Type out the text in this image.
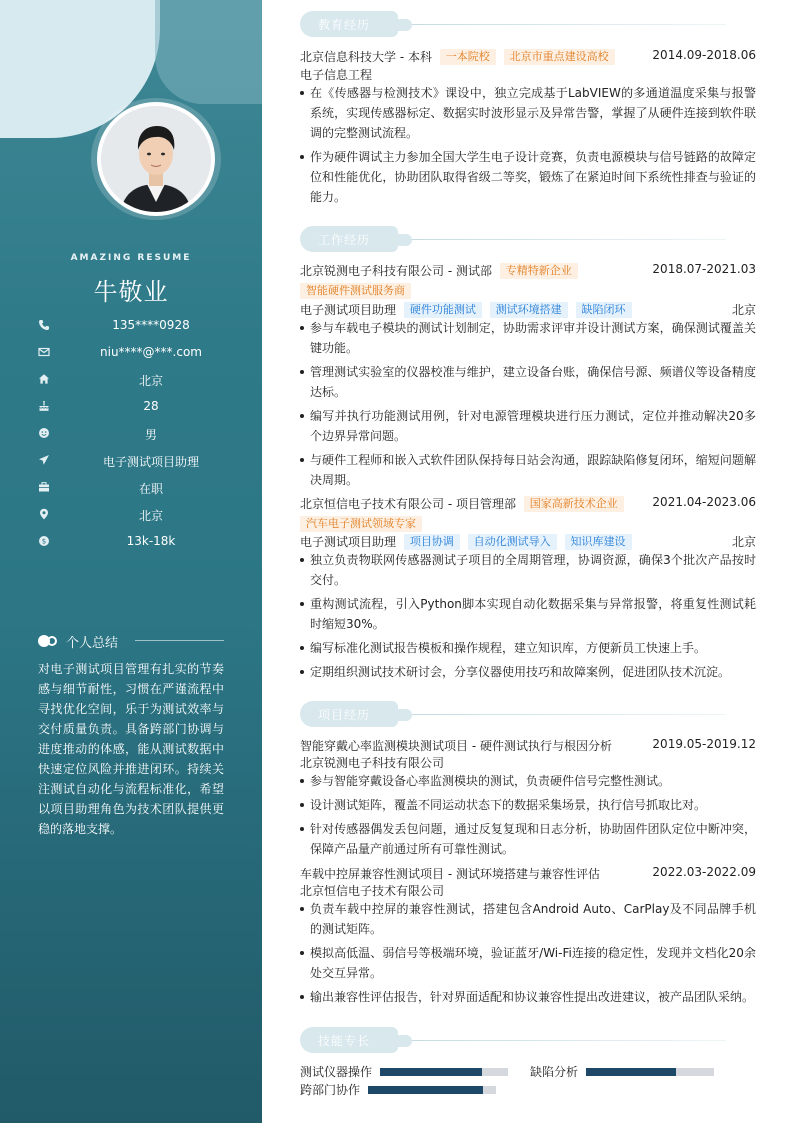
AMAZING RESUME
牛敬业
135****0928
niu****@***.com
北京
28
男
电子测试项目助理
在职
北京
$	13k-18k
个人总结
对电子测试项目管理有扎实的节奏感与细节耐性，习惯在严谨流程中寻找优化空间，乐于为测试效率与交付质量负责。具备跨部门协调与进度推动的体感，能从测试数据中快速定位风险并推进闭环。持续关注测试自动化与流程标准化，希望以项目助理角色为技术团队提供更稳的落地支撑。
教育经历
北京信息科技大学 - 本科 一本院校 北京市重点建设高校	2014.09-2018.06
电子信息工程
在《传感器与检测技术》课设中，独立完成基于LabVIEW的多通道温度采集与报警系统，实现传感器标定、数据实时波形显示及异常告警，掌握了从硬件连接到软件联调的完整测试流程。
作为硬件调试主力参加全国大学生电子设计竞赛，负责电源模块与信号链路的故障定位和性能优化，协助团队取得省级二等奖，锻炼了在紧迫时间下系统性排查与验证的能力。
工作经历
北京锐测电子科技有限公司 - 测试部 专精特新企业	2018.07-2021.03
智能硬件测试服务商
电子测试项目助理 硬件功能测试 测试环境搭建 缺陷闭环	北京
参与车载电子模块的测试计划制定，协助需求评审并设计测试方案，确保测试覆盖关键功能。
管理测试实验室的仪器校准与维护，建立设备台账，确保信号源、频谱仪等设备精度达标。
编写并执行功能测试用例，针对电源管理模块进行压力测试，定位并推动解决20多个边界异常问题。
与硬件工程师和嵌入式软件团队保持每日站会沟通，跟踪缺陷修复闭环，缩短问题解决周期。
北京恒信电子技术有限公司 - 项目管理部 国家高新技术企业	2021.04-2023.06
汽车电子测试领域专家
电子测试项目助理 项目协调 自动化测试导入 知识库建设	北京
独立负责物联网传感器测试子项目的全周期管理，协调资源，确保3个批次产品按时交付。
重构测试流程，引入Python脚本实现自动化数据采集与异常报警，将重复性测试耗时缩短30%。
编写标准化测试报告模板和操作规程，建立知识库，方便新员工快速上手。
定期组织测试技术研讨会，分享仪器使用技巧和故障案例，促进团队技术沉淀。
项目经历
智能穿戴心率监测模块测试项目 - 硬件测试执行与根因分析	2019.05-2019.12
北京锐测电子科技有限公司
参与智能穿戴设备心率监测模块的测试，负责硬件信号完整性测试。
设计测试矩阵，覆盖不同运动状态下的数据采集场景，执行信号抓取比对。
针对传感器偶发丢包问题，通过反复复现和日志分析，协助固件团队定位中断冲突，保障产品量产前通过所有可靠性测试。
车载中控屏兼容性测试项目 - 测试环境搭建与兼容性评估	2022.03-2022.09
北京恒信电子技术有限公司
负责车载中控屏的兼容性测试，搭建包含Android Auto、CarPlay及不同品牌手机的测试矩阵。
模拟高低温、弱信号等极端环境，验证蓝牙/Wi-Fi连接的稳定性，发现并文档化20余处交互异常。
输出兼容性评估报告，针对界面适配和协议兼容性提出改进建议，被产品团队采纳。
技能专长
测试仪器操作	缺陷分析
跨部门协作
